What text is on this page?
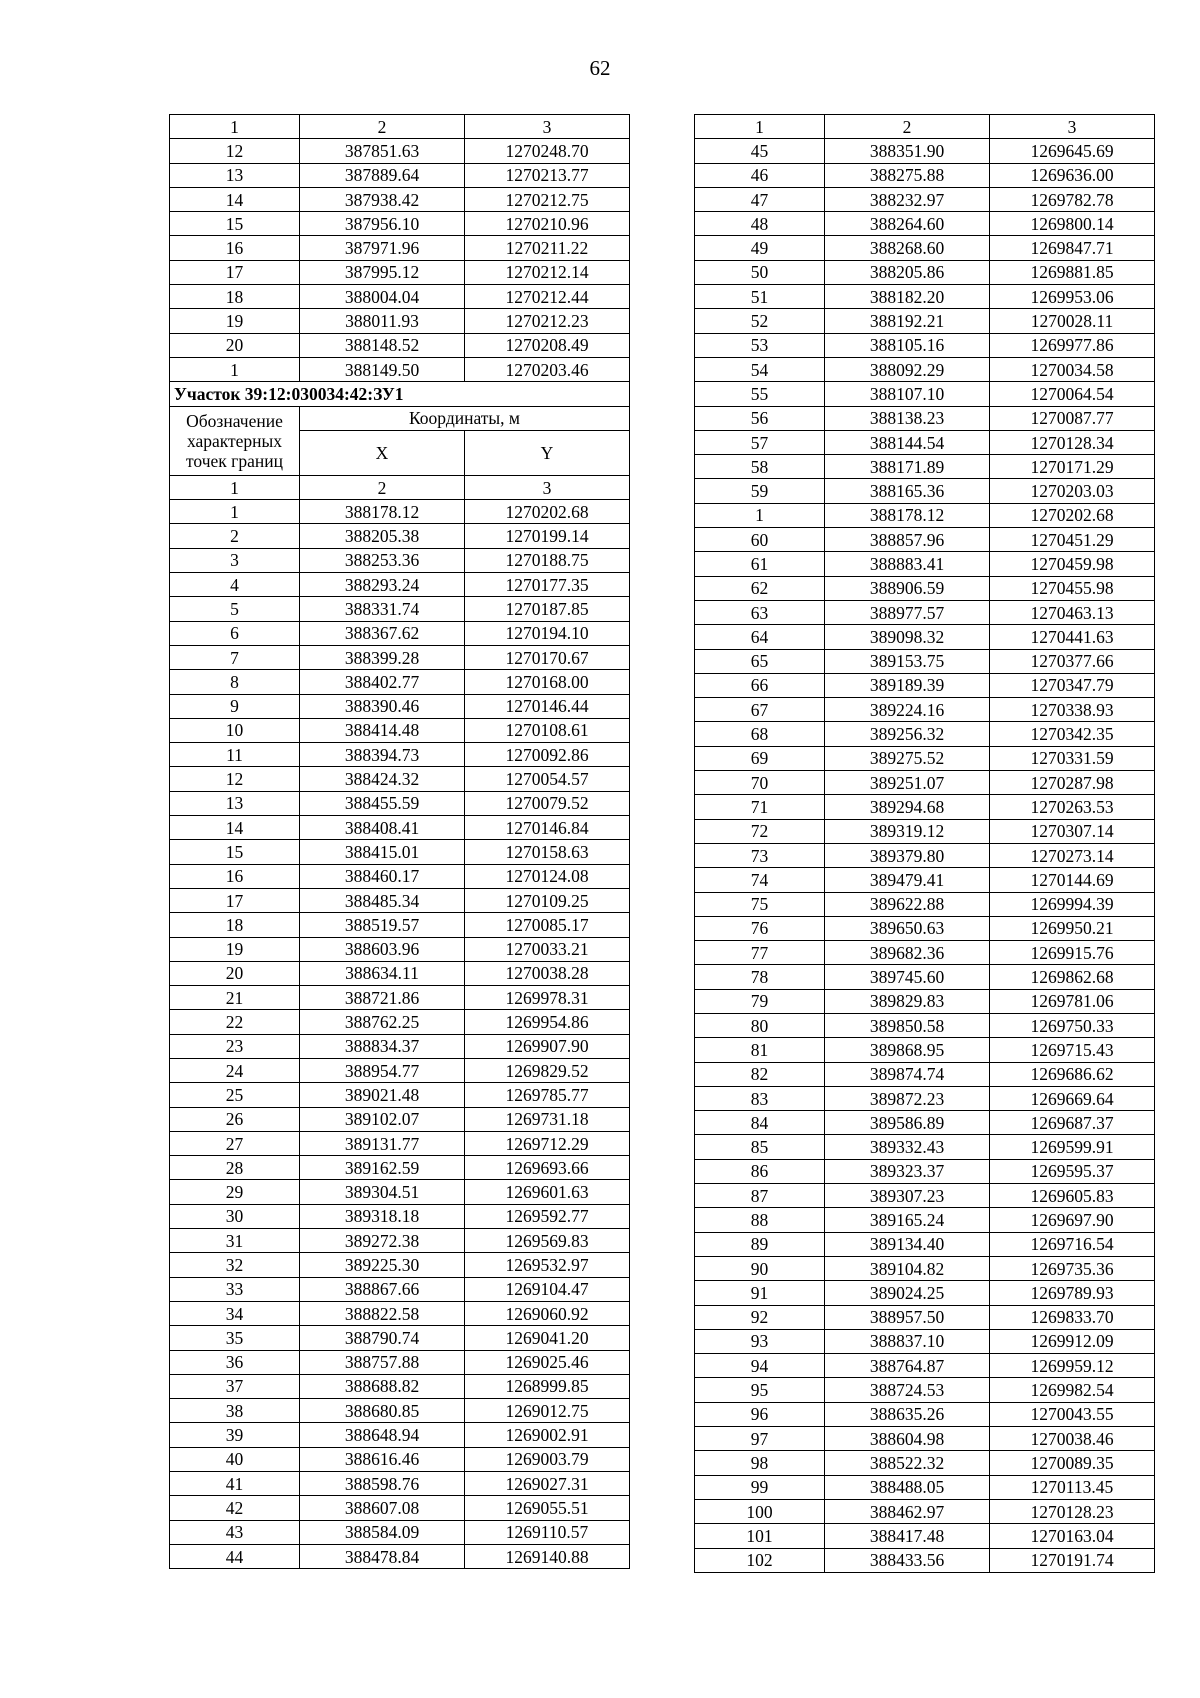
62
1	2	3
12	387851.63	1270248.70
13	387889.64	1270213.77
14	387938.42	1270212.75
15	387956.10	1270210.96
16	387971.96	1270211.22
17	387995.12	1270212.14
18	388004.04	1270212.44
19	388011.93	1270212.23
20	388148.52	1270208.49
1	388149.50	1270203.46
Участок 39:12:030034:42:ЗУ1		
Обозначение характерных точек границ	Координаты, м	
	X	Y
1	2	3
1	388178.12	1270202.68
2	388205.38	1270199.14
3	388253.36	1270188.75
4	388293.24	1270177.35
5	388331.74	1270187.85
6	388367.62	1270194.10
7	388399.28	1270170.67
8	388402.77	1270168.00
9	388390.46	1270146.44
10	388414.48	1270108.61
11	388394.73	1270092.86
12	388424.32	1270054.57
13	388455.59	1270079.52
14	388408.41	1270146.84
15	388415.01	1270158.63
16	388460.17	1270124.08
17	388485.34	1270109.25
18	388519.57	1270085.17
19	388603.96	1270033.21
20	388634.11	1270038.28
21	388721.86	1269978.31
22	388762.25	1269954.86
23	388834.37	1269907.90
24	388954.77	1269829.52
25	389021.48	1269785.77
26	389102.07	1269731.18
27	389131.77	1269712.29
28	389162.59	1269693.66
29	389304.51	1269601.63
30	389318.18	1269592.77
31	389272.38	1269569.83
32	389225.30	1269532.97
33	388867.66	1269104.47
34	388822.58	1269060.92
35	388790.74	1269041.20
36	388757.88	1269025.46
37	388688.82	1268999.85
38	388680.85	1269012.75
39	388648.94	1269002.91
40	388616.46	1269003.79
41	388598.76	1269027.31
42	388607.08	1269055.51
43	388584.09	1269110.57
44	388478.84	1269140.88
1	2	3
45	388351.90	1269645.69
46	388275.88	1269636.00
47	388232.97	1269782.78
48	388264.60	1269800.14
49	388268.60	1269847.71
50	388205.86	1269881.85
51	388182.20	1269953.06
52	388192.21	1270028.11
53	388105.16	1269977.86
54	388092.29	1270034.58
55	388107.10	1270064.54
56	388138.23	1270087.77
57	388144.54	1270128.34
58	388171.89	1270171.29
59	388165.36	1270203.03
1	388178.12	1270202.68
60	388857.96	1270451.29
61	388883.41	1270459.98
62	388906.59	1270455.98
63	388977.57	1270463.13
64	389098.32	1270441.63
65	389153.75	1270377.66
66	389189.39	1270347.79
67	389224.16	1270338.93
68	389256.32	1270342.35
69	389275.52	1270331.59
70	389251.07	1270287.98
71	389294.68	1270263.53
72	389319.12	1270307.14
73	389379.80	1270273.14
74	389479.41	1270144.69
75	389622.88	1269994.39
76	389650.63	1269950.21
77	389682.36	1269915.76
78	389745.60	1269862.68
79	389829.83	1269781.06
80	389850.58	1269750.33
81	389868.95	1269715.43
82	389874.74	1269686.62
83	389872.23	1269669.64
84	389586.89	1269687.37
85	389332.43	1269599.91
86	389323.37	1269595.37
87	389307.23	1269605.83
88	389165.24	1269697.90
89	389134.40	1269716.54
90	389104.82	1269735.36
91	389024.25	1269789.93
92	388957.50	1269833.70
93	388837.10	1269912.09
94	388764.87	1269959.12
95	388724.53	1269982.54
96	388635.26	1270043.55
97	388604.98	1270038.46
98	388522.32	1270089.35
99	388488.05	1270113.45
100	388462.97	1270128.23
101	388417.48	1270163.04
102	388433.56	1270191.74
